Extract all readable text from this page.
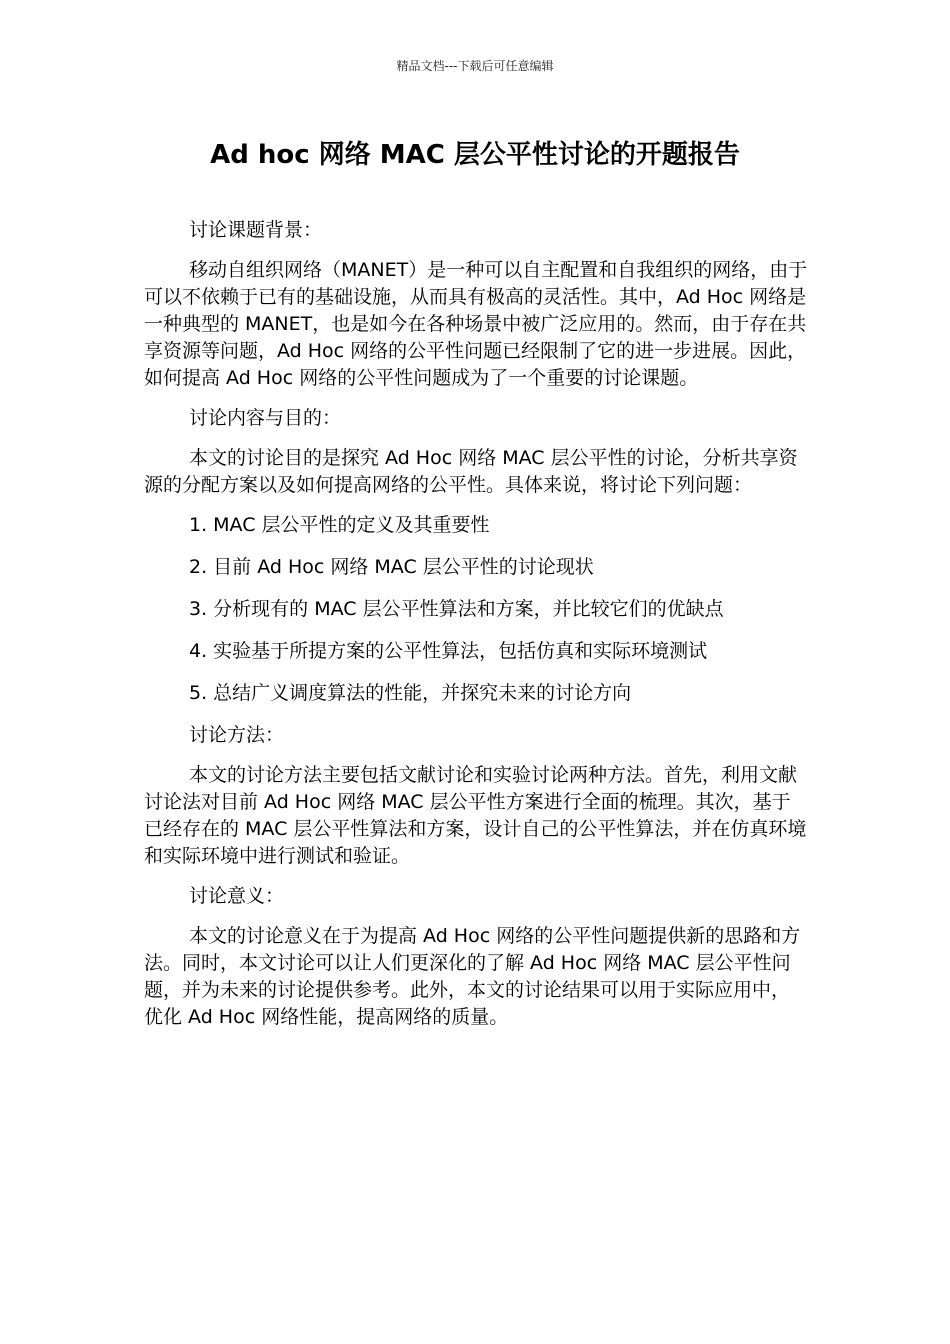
精品文档---下载后可任意编辑
Ad hoc 网络 MAC 层公平性讨论的开题报告

讨论课题背景：

移动自组织网络（MANET）是一种可以自主配置和自我组织的网络，由于可以不依赖于已有的基础设施，从而具有极高的灵活性。其中，Ad Hoc 网络是一种典型的 MANET，也是如今在各种场景中被广泛应用的。然而，由于存在共享资源等问题，Ad Hoc 网络的公平性问题已经限制了它的进一步进展。因此，如何提高 Ad Hoc 网络的公平性问题成为了一个重要的讨论课题。

讨论内容与目的：

本文的讨论目的是探究 Ad Hoc 网络 MAC 层公平性的讨论，分析共享资源的分配方案以及如何提高网络的公平性。具体来说，将讨论下列问题：

1. MAC 层公平性的定义及其重要性
2. 目前 Ad Hoc 网络 MAC 层公平性的讨论现状
3. 分析现有的 MAC 层公平性算法和方案，并比较它们的优缺点
4. 实验基于所提方案的公平性算法，包括仿真和实际环境测试
5. 总结广义调度算法的性能，并探究未来的讨论方向

讨论方法：

本文的讨论方法主要包括文献讨论和实验讨论两种方法。首先，利用文献讨论法对目前 Ad Hoc 网络 MAC 层公平性方案进行全面的梳理。其次，基于已经存在的 MAC 层公平性算法和方案，设计自己的公平性算法，并在仿真环境和实际环境中进行测试和验证。

讨论意义：

本文的讨论意义在于为提高 Ad Hoc 网络的公平性问题提供新的思路和方法。同时，本文讨论可以让人们更深化的了解 Ad Hoc 网络 MAC 层公平性问题，并为未来的讨论提供参考。此外，本文的讨论结果可以用于实际应用中，优化 Ad Hoc 网络性能，提高网络的质量。
